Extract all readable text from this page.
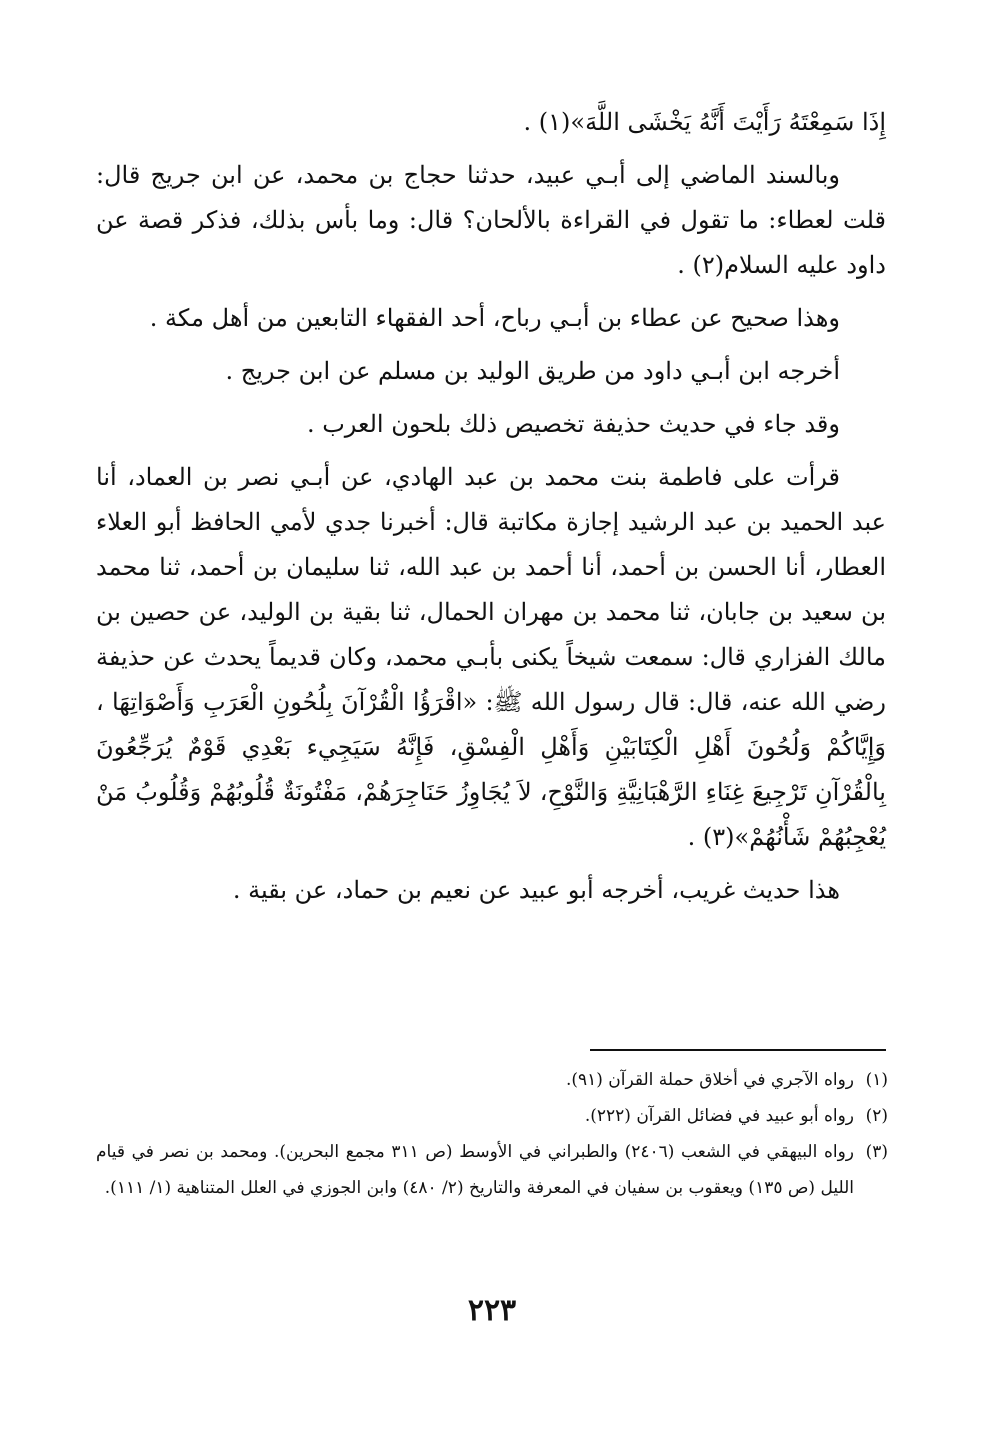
إِذَا سَمِعْتَهُ رَأَيْتَ أَنَّهُ يَخْشَى اللَّهَ»(١) .

وبالسند الماضي إلى أبـي عبيد، حدثنا حجاج بن محمد، عن ابن جريج قال: قلت لعطاء: ما تقول في القراءة بالألحان؟ قال: وما بأس بذلك، فذكر قصة عن داود عليه السلام(٢) .

وهذا صحيح عن عطاء بن أبـي رباح، أحد الفقهاء التابعين من أهل مكة .

أخرجه ابن أبـي داود من طريق الوليد بن مسلم عن ابن جريج .

وقد جاء في حديث حذيفة تخصيص ذلك بلحون العرب .

قرأت على فاطمة بنت محمد بن عبد الهادي، عن أبـي نصر بن العماد، أنا عبد الحميد بن عبد الرشيد إجازة مكاتبة قال: أخبرنا جدي لأمي الحافظ أبو العلاء العطار، أنا الحسن بن أحمد، أنا أحمد بن عبد الله، ثنا سليمان بن أحمد، ثنا محمد بن سعيد بن جابان، ثنا محمد بن مهران الحمال، ثنا بقية بن الوليد، عن حصين بن مالك الفزاري قال: سمعت شيخاً يكنى بأبـي محمد، وكان قديماً يحدث عن حذيفة رضي الله عنه، قال: قال رسول الله ﷺ: «اقْرَؤُا الْقُرْآنَ بِلُحُونِ الْعَرَبِ وَأَصْوَاتِهَا ، وَإِيَّاكُمْ وَلُحُونَ أَهْلِ الْكِتَابَيْنِ وَأَهْلِ الْفِسْقِ، فَإِنَّهُ سَيَجِيء بَعْدِي قَوْمٌ يُرَجِّعُونَ بِالْقُرْآنِ تَرْجِيعَ غِنَاءِ الرَّهْبَانِيَّةِ وَالنَّوْحِ، لاَ يُجَاوِزُ حَنَاجِرَهُمْ، مَفْتُونَةٌ قُلُوبُهُمْ وَقُلُوبُ مَنْ يُعْجِبُهُمْ شَأْنُهُمْ»(٣) .

هذا حديث غريب، أخرجه أبو عبيد عن نعيم بن حماد، عن بقية .

(١)
رواه الآجري في أخلاق حملة القرآن (٩١).

(٢)
رواه أبو عبيد في فضائل القرآن (٢٢٢).

(٣)
رواه البيهقي في الشعب (٢٤٠٦) والطبراني في الأوسط (ص ٣١١ مجمع البحرين). ومحمد بن نصر في قيام الليل (ص ١٣٥) ويعقوب بن سفيان في المعرفة والتاريخ (٢/ ٤٨٠) وابن الجوزي في العلل المتناهية (١/ ١١١).

٢٢٣
